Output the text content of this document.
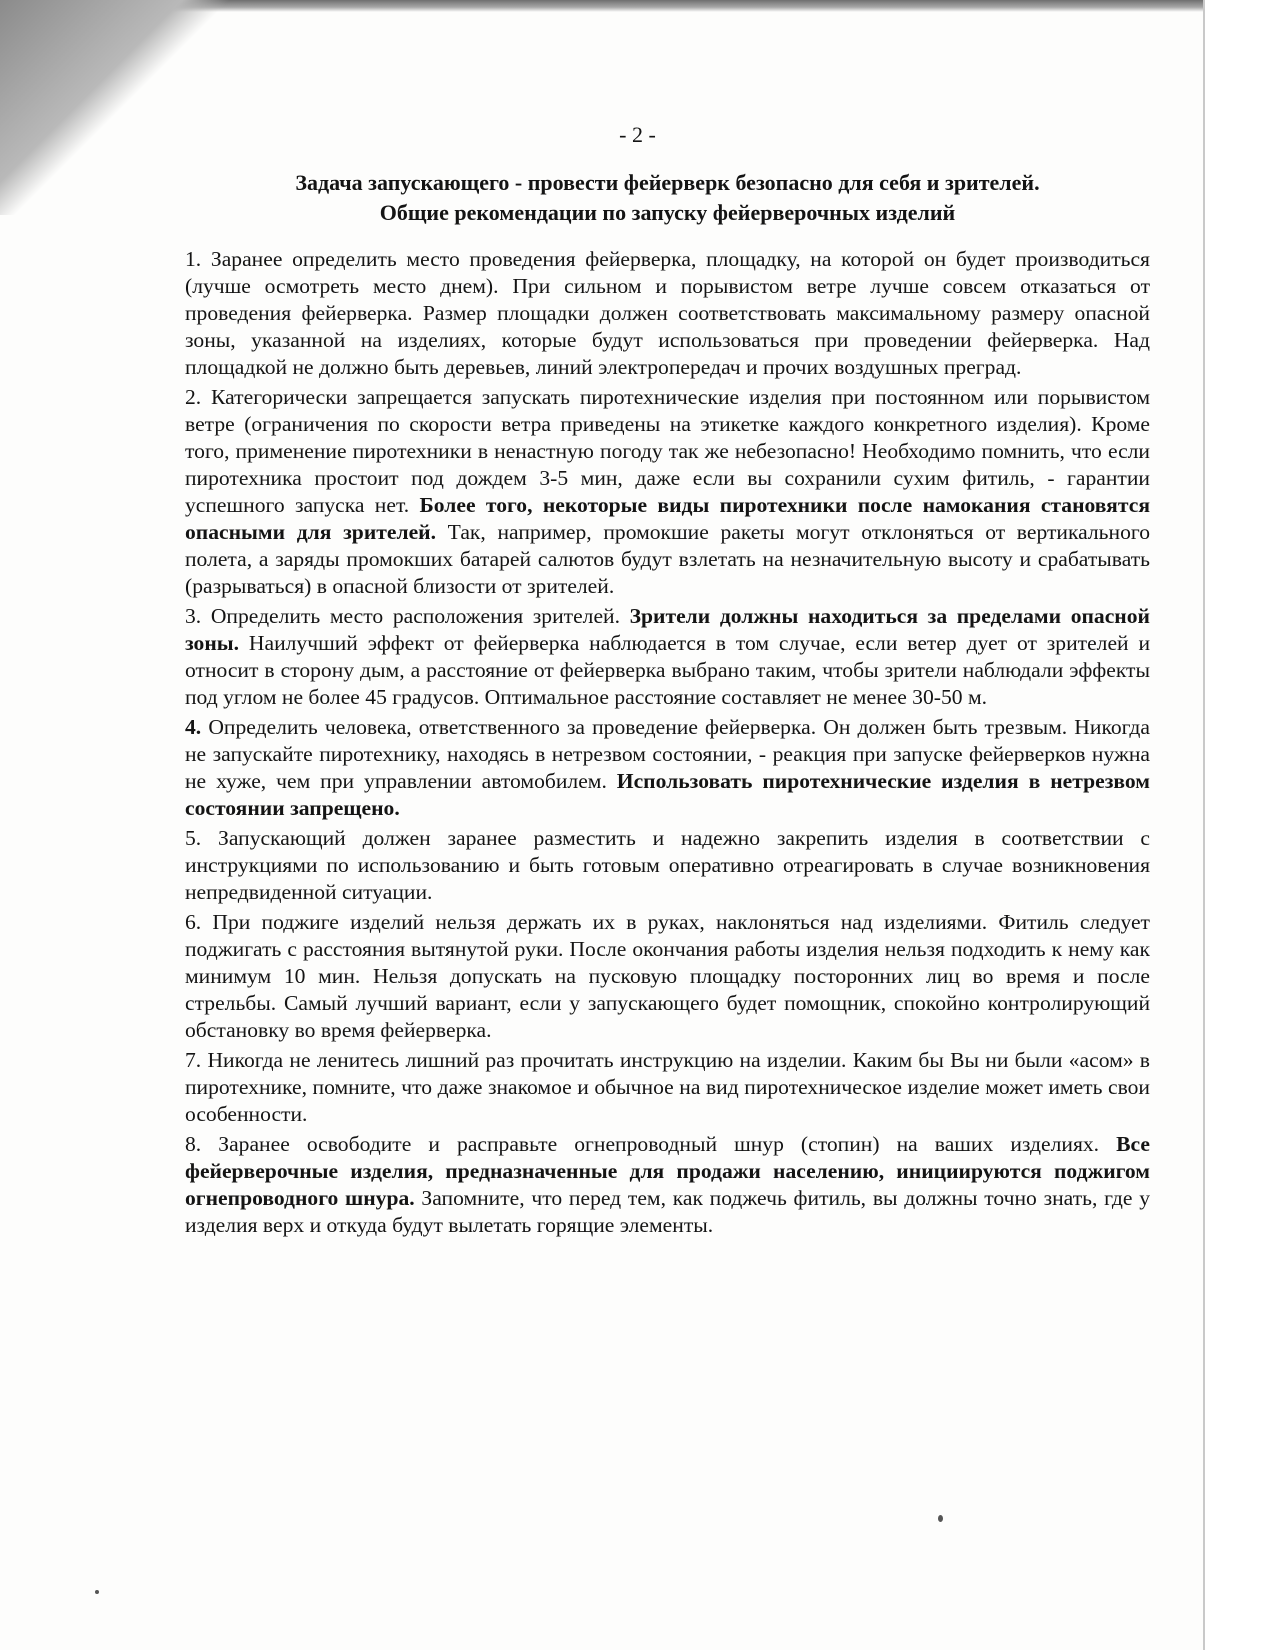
- 2 -
Задача запускающего - провести фейерверк безопасно для себя и зрителей.
Общие рекомендации по запуску фейерверочных изделий

1. Заранее определить место проведения фейерверка, площадку, на которой он будет производиться (лучше осмотреть место днем). При сильном и порывистом ветре лучше совсем отказаться от проведения фейерверка. Размер площадки должен соответствовать максимальному размеру опасной зоны, указанной на изделиях, которые будут использоваться при проведении фейерверка. Над площадкой не должно быть деревьев, линий электропередач и прочих воздушных преград.

2. Категорически запрещается запускать пиротехнические изделия при постоянном или порывистом ветре (ограничения по скорости ветра приведены на этикетке каждого конкретного изделия). Кроме того, применение пиротехники в ненастную погоду так же небезопасно! Необходимо помнить, что если пиротехника простоит под дождем 3-5 мин, даже если вы сохранили сухим фитиль, - гарантии успешного запуска нет. Более того, некоторые виды пиротехники после намокания становятся опасными для зрителей. Так, например, промокшие ракеты могут отклоняться от вертикального полета, а заряды промокших батарей салютов будут взлетать на незначительную высоту и срабатывать (разрываться) в опасной близости от зрителей.

3. Определить место расположения зрителей. Зрители должны находиться за пределами опасной зоны. Наилучший эффект от фейерверка наблюдается в том случае, если ветер дует от зрителей и относит в сторону дым, а расстояние от фейерверка выбрано таким, чтобы зрители наблюдали эффекты под углом не более 45 градусов. Оптимальное расстояние составляет не менее 30-50 м.

4. Определить человека, ответственного за проведение фейерверка. Он должен быть трезвым. Никогда не запускайте пиротехнику, находясь в нетрезвом состоянии, - реакция при запуске фейерверков нужна не хуже, чем при управлении автомобилем. Использовать пиротехнические изделия в нетрезвом состоянии запрещено.

5. Запускающий должен заранее разместить и надежно закрепить изделия в соответствии с инструкциями по использованию и быть готовым оперативно отреагировать в случае возникновения непредвиденной ситуации.

6. При поджиге изделий нельзя держать их в руках, наклоняться над изделиями. Фитиль следует поджигать с расстояния вытянутой руки. После окончания работы изделия нельзя подходить к нему как минимум 10 мин. Нельзя допускать на пусковую площадку посторонних лиц во время и после стрельбы. Самый лучший вариант, если у запускающего будет помощник, спокойно контролирующий обстановку во время фейерверка.

7. Никогда не ленитесь лишний раз прочитать инструкцию на изделии. Каким бы Вы ни были «асом» в пиротехнике, помните, что даже знакомое и обычное на вид пиротехническое изделие может иметь свои особенности.

8. Заранее освободите и расправьте огнепроводный шнур (стопин) на ваших изделиях. Все фейерверочные изделия, предназначенные для продажи населению, инициируются поджигом огнепроводного шнура. Запомните, что перед тем, как поджечь фитиль, вы должны точно знать, где у изделия верх и откуда будут вылетать горящие элементы.
